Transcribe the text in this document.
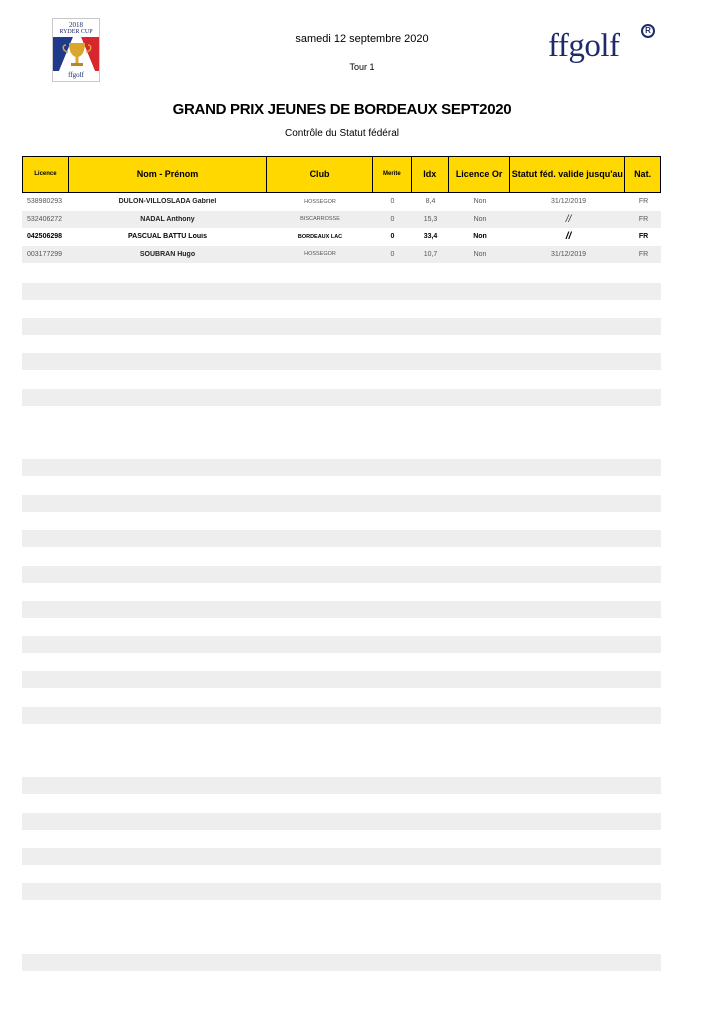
2018
RYDER CUP
ffgolf
ffgolf	R
samedi 12 septembre 2020
Tour 1
GRAND PRIX JEUNES DE BORDEAUX SEPT2020
Contrôle du Statut fédéral
Licence	Nom - Prénom	Club	Merite	Idx	Licence Or	Statut féd. valide jusqu'au	Nat.
538980293	DULON-VILLOSLADA Gabriel	HOSSEGOR	0	8,4	Non	31/12/2019	FR
532406272	NADAL Anthony	BISCARROSSE	0	15,3	Non	//	FR
042506298	PASCUAL BATTU Louis	BORDEAUX LAC	0	33,4	Non	//	FR
003177299	SOUBRAN Hugo	HOSSEGOR	0	10,7	Non	31/12/2019	FR
